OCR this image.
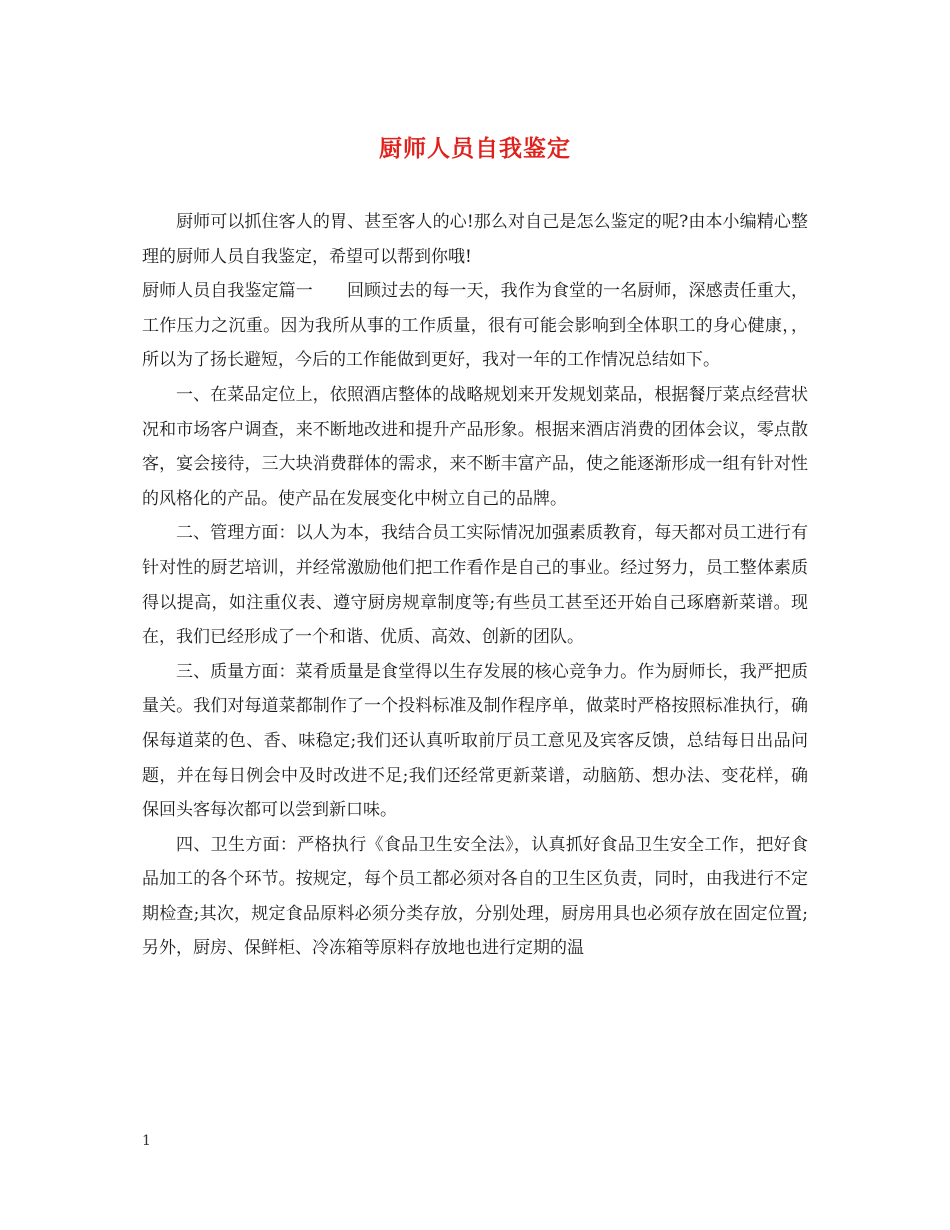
厨师人员自我鉴定

厨师可以抓住客人的胃、甚至客人的心!那么对自己是怎么鉴定的呢?由本小编精心整理的厨师人员自我鉴定，希望可以帮到你哦!

厨师人员自我鉴定篇一　　回顾过去的每一天，我作为食堂的一名厨师，深感责任重大，工作压力之沉重。因为我所从事的工作质量，很有可能会影响到全体职工的身心健康，，所以为了扬长避短，今后的工作能做到更好，我对一年的工作情况总结如下。

一、在菜品定位上，依照酒店整体的战略规划来开发规划菜品，根据餐厅菜点经营状况和市场客户调查，来不断地改进和提升产品形象。根据来酒店消费的团体会议，零点散客，宴会接待，三大块消费群体的需求，来不断丰富产品，使之能逐渐形成一组有针对性的风格化的产品。使产品在发展变化中树立自己的品牌。

二、管理方面：以人为本，我结合员工实际情况加强素质教育，每天都对员工进行有针对性的厨艺培训，并经常激励他们把工作看作是自己的事业。经过努力，员工整体素质得以提高，如注重仪表、遵守厨房规章制度等;有些员工甚至还开始自己琢磨新菜谱。现在，我们已经形成了一个和谐、优质、高效、创新的团队。

三、质量方面：菜肴质量是食堂得以生存发展的核心竞争力。作为厨师长，我严把质量关。我们对每道菜都制作了一个投料标准及制作程序单，做菜时严格按照标准执行，确保每道菜的色、香、味稳定;我们还认真听取前厅员工意见及宾客反馈，总结每日出品问题，并在每日例会中及时改进不足;我们还经常更新菜谱，动脑筋、想办法、变花样，确保回头客每次都可以尝到新口味。

四、卫生方面：严格执行《食品卫生安全法》，认真抓好食品卫生安全工作，把好食品加工的各个环节。按规定，每个员工都必须对各自的卫生区负责，同时，由我进行不定期检查;其次，规定食品原料必须分类存放，分别处理，厨房用具也必须存放在固定位置;另外，厨房、保鲜柜、冷冻箱等原料存放地也进行定期的温

1
